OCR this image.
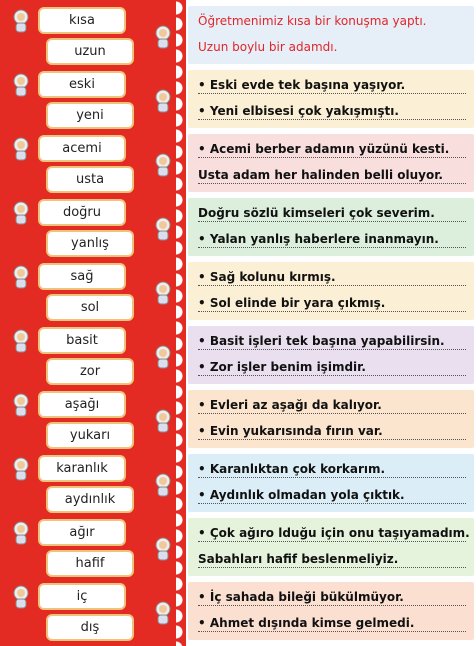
kısa
uzun
Öğretmenimiz kısa bir konuşma yaptı.
Uzun boylu bir adamdı.
eski
yeni
• Eski evde tek başına yaşıyor.
• Yeni elbisesi çok yakışmıştı.
acemi
usta
• Acemi berber adamın yüzünü kesti.
Usta adam her halinden belli oluyor.
doğru
yanlış
Doğru sözlü kimseleri çok severim.
• Yalan yanlış haberlere inanmayın.
sağ
sol
• Sağ kolunu kırmış.
• Sol elinde bir yara çıkmış.
basit
zor
• Basit işleri tek başına yapabilirsin.
• Zor işler benim işimdir.
aşağı
yukarı
• Evleri az aşağı da kalıyor.
• Evin yukarısında fırın var.
karanlık
aydınlık
• Karanlıktan çok korkarım.
• Aydınlık olmadan yola çıktık.
ağır
hafif
• Çok ağıro lduğu için onu taşıyamadım.
Sabahları hafif beslenmeliyiz.
iç
dış
• İç sahada bileği bükülmüyor.
• Ahmet dışında kimse gelmedi.
